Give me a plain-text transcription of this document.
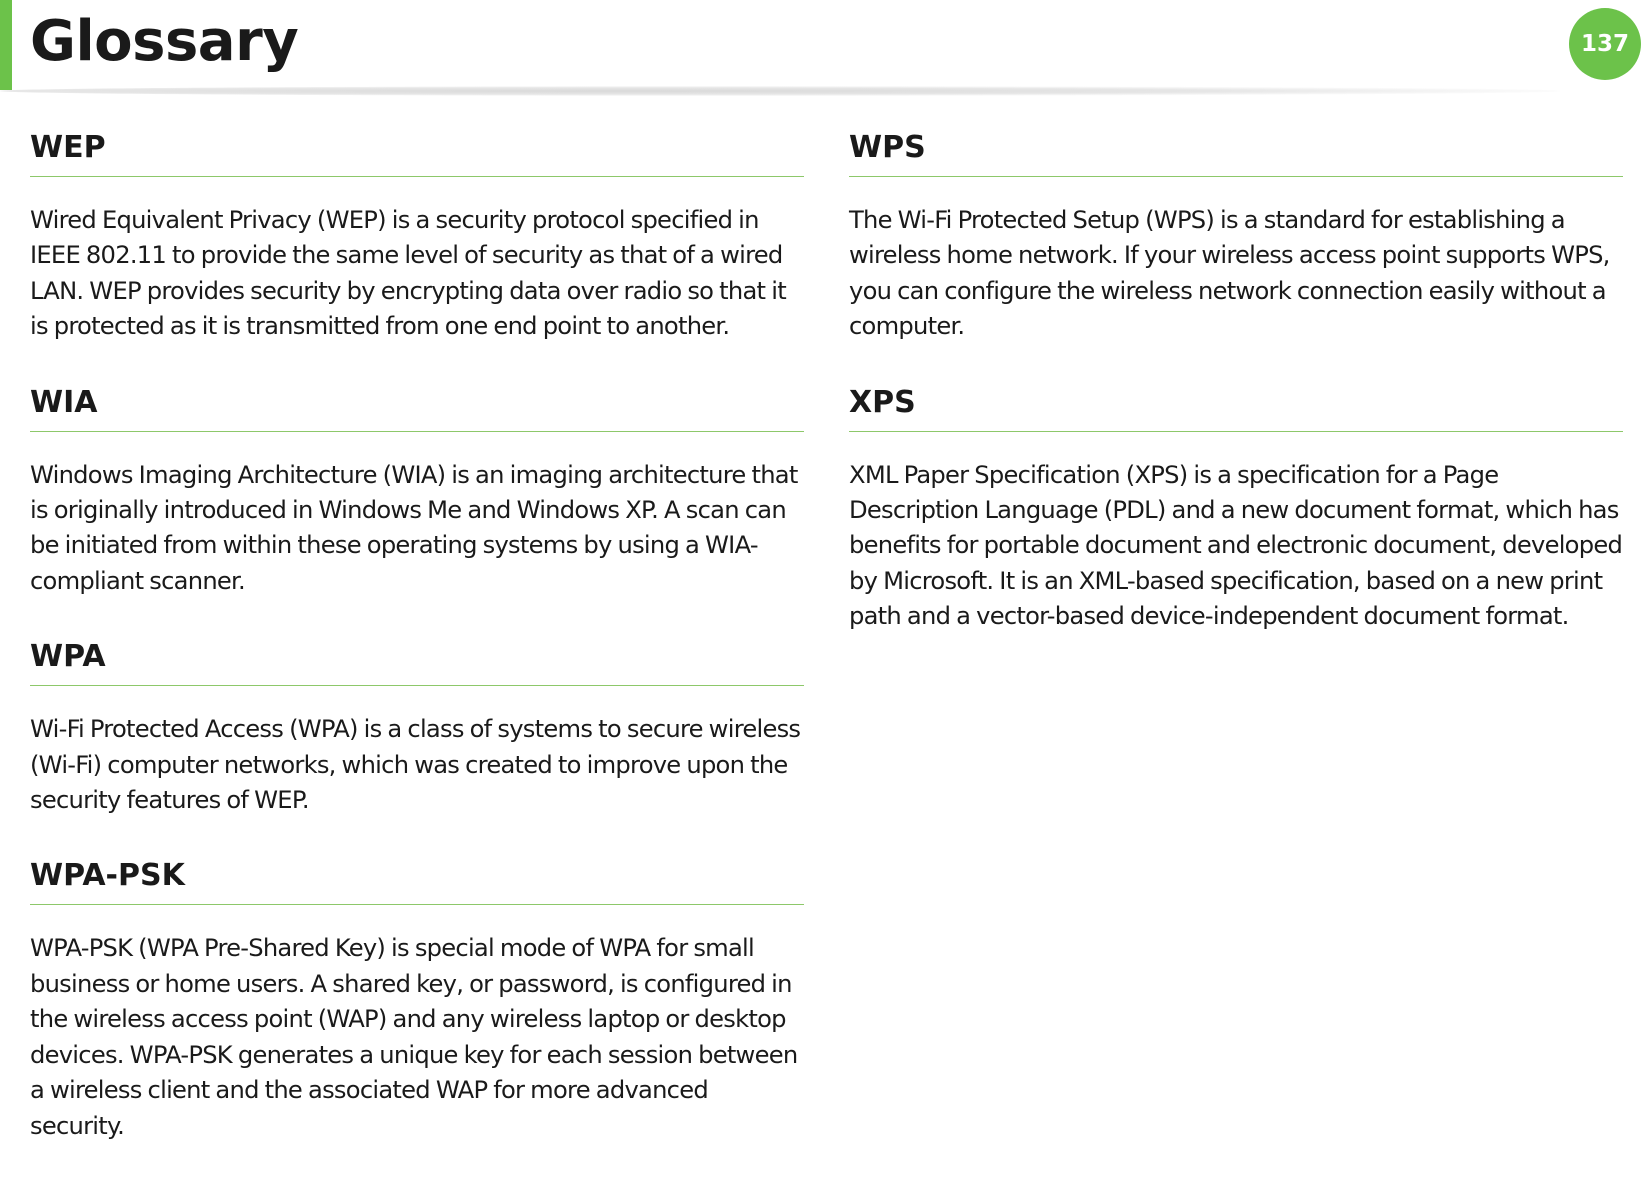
Glossary	137
WEP

Wired Equivalent Privacy (WEP) is a security protocol specified in IEEE 802.11 to provide the same level of security as that of a wired LAN. WEP provides security by encrypting data over radio so that it is protected as it is transmitted from one end point to another.

WIA

Windows Imaging Architecture (WIA) is an imaging architecture that is originally introduced in Windows Me and Windows XP. A scan can be initiated from within these operating systems by using a WIA-compliant scanner.

WPA

Wi-Fi Protected Access (WPA) is a class of systems to secure wireless (Wi-Fi) computer networks, which was created to improve upon the security features of WEP.

WPA-PSK

WPA-PSK (WPA Pre-Shared Key) is special mode of WPA for small business or home users. A shared key, or password, is configured in the wireless access point (WAP) and any wireless laptop or desktop devices. WPA-PSK generates a unique key for each session between a wireless client and the associated WAP for more advanced security.

WPS

The Wi-Fi Protected Setup (WPS) is a standard for establishing a wireless home network. If your wireless access point supports WPS, you can configure the wireless network connection easily without a computer.

XPS

XML Paper Specification (XPS) is a specification for a Page Description Language (PDL) and a new document format, which has benefits for portable document and electronic document, developed by Microsoft. It is an XML-based specification, based on a new print path and a vector-based device-independent document format.
